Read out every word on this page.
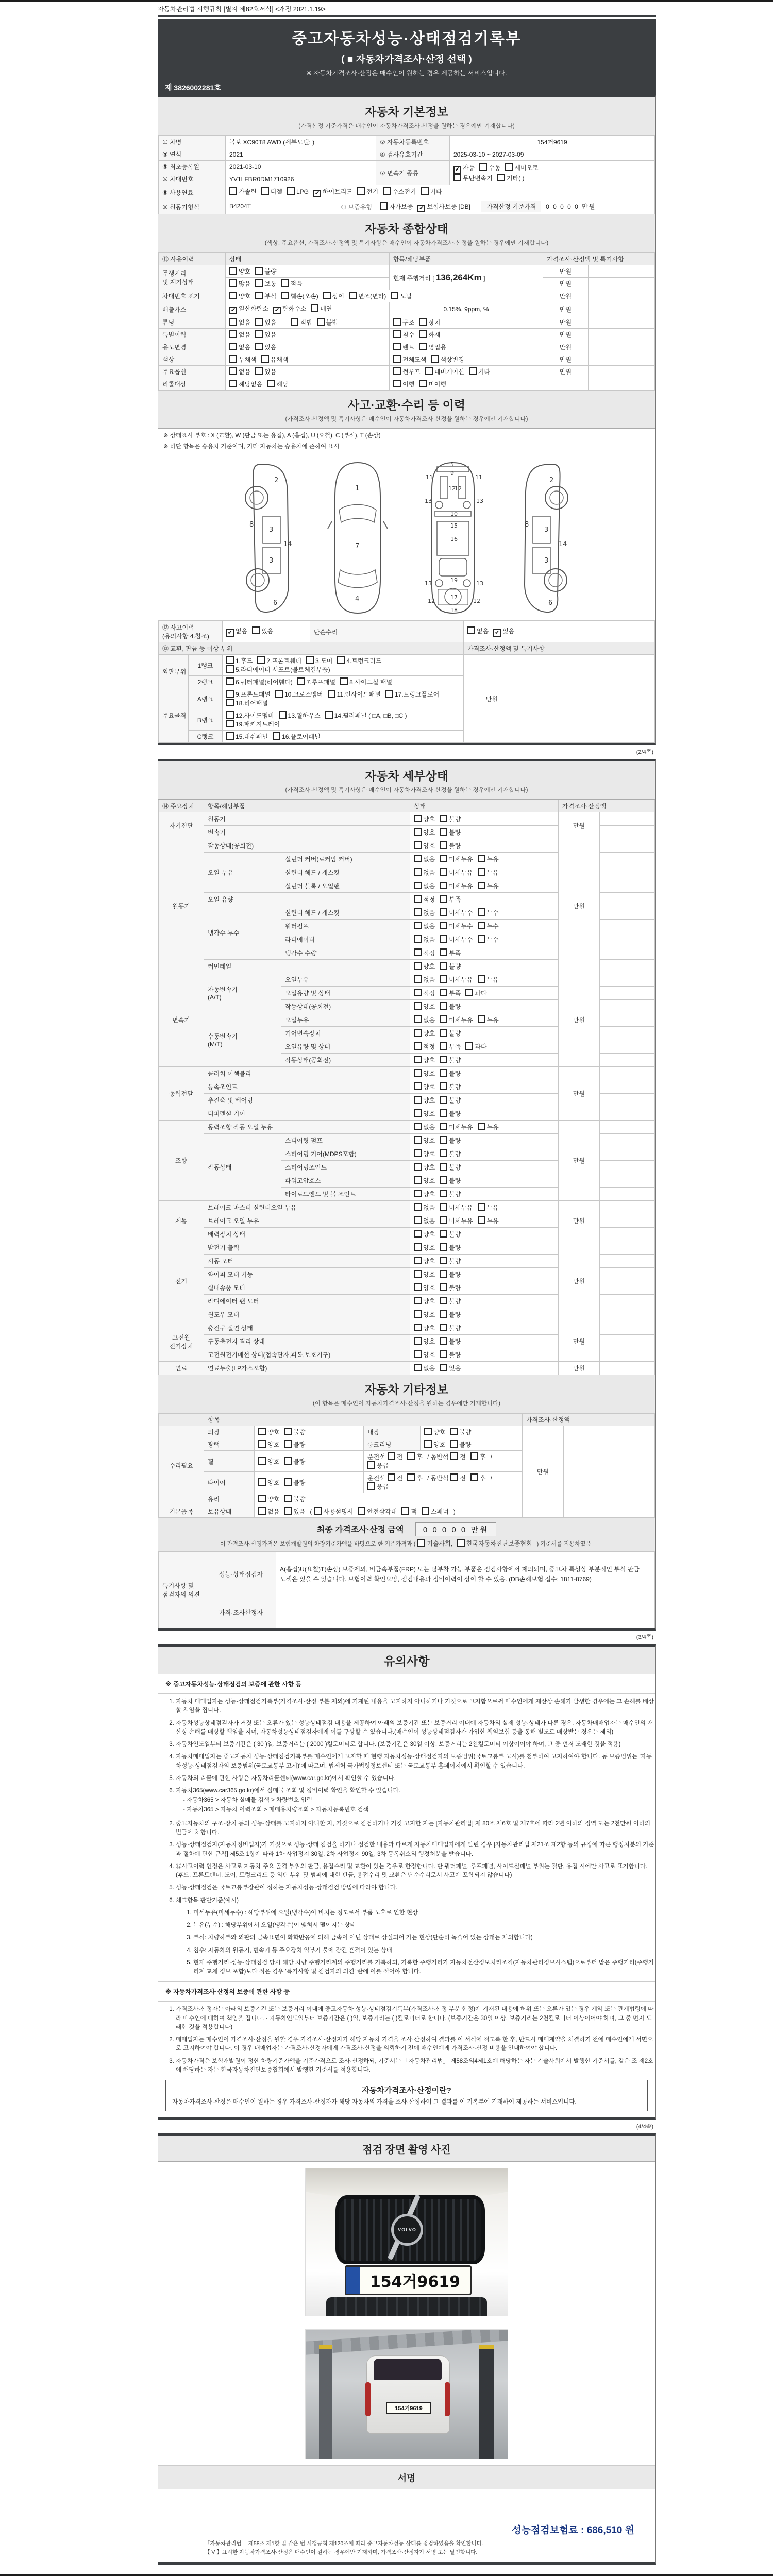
자동차관리법 시행규칙 [별지 제82호서식] <개정 2021.1.19>
중고자동차성능·상태점검기록부
( ■ 자동차가격조사·산정 선택 )
※ 자동차가격조사·산정은 매수인이 원하는 경우 제공하는 서비스입니다.
제 3826002281호
자동차 기본정보
(가격산정 기준가격은 매수인이 자동차가격조사·산정을 원하는 경우에만 기재합니다)
① 차명	볼보 XC90T8 AWD (세부모델: )	② 자동차등록번호	154거9619
③ 연식	2021	④ 검사유효기간	2025-03-10 ~ 2027-03-09
⑤ 최초등록일	2021-03-10	⑦ 변속기 종류	✔ 자동 수동 세미오토
무단변속기 기타( )
⑥ 차대번호	YV1LFBR0DM1710926		
⑧ 사용연료	가솔린 디젤 LPG ✔ 하이브리드 전기 수소전기 기타		
⑨ 원동기형식	B4204T ⑩ 보증유형	자가보증 ✔ 보험사보증 [DB] 가격산정 기준가격  0 0 0 0 0 만원	
자동차 종합상태
(색상, 주요옵션, 가격조사·산정액 및 특기사항은 매수인이 자동차가격조사·산정을 원하는 경우에만 기재합니다)
⑪ 사용이력	상태	항목/해당부품	가격조사·산정액 및 특기사항	
주행거리
및 계기상태	양호 불량	현재 주행거리 [ 136,264Km ]	만원	
	많음 보통 적음		만원	
차대번호 표기	양호 부식 훼손(오손) 상이 변조(변타) 도말		만원	
배출가스	✔ 일산화탄소 ✔ 탄화수소 매연	0.15%, 9ppm, %	만원	
튜닝	없음 있음 적법 불법	구조 장치	만원	
특별이력	없음 있음	침수 화재	만원	
용도변경	없음 있음	렌트 영업용	만원	
색상	무채색 유채색	전체도색 색상변경	만원	
주요옵션	없음 있음	썬루프 네비게이션 기타	만원	
리콜대상	해당없음 해당	이행 미이행		
사고·교환·수리 등 이력
(가격조사·산정액 및 특기사항은 매수인이 자동차가격조사·산정을 원하는 경우에만 기재합니다)
※ 상태표시 부호 : X (교환), W (판금 또는 용접), A (흠집), U (요철), C (부식), T (손상)
※ 하단 항목은 승용차 기준이며, 기타 자동차는 승용차에 준하여 표시
2
8
3
14
3
6
1
7
4
5
9
11	11
13
12
12
13
10
15
16
13	19	13
17
12	12
18
2
8
3
14
3
6
⑫ 사고이력 (유의사항 4.참조)		✔ 없음 있음	단순수리	없음 ✔ 있음	
⑬ 교환, 판금 등 이상 부위				가격조사·산정액 및 특기사항	
외판부위	1랭크	1.후드 2.프론트휀더 3.도어 4.트렁크리드5.라디에이터 서포트(볼트체결부품)		만원	
	2랭크	6.쿼터패널(리어휀다) 7.루프패널 8.사이드실 패널			
주요골격	A랭크	9.프론트패널 10.크로스멤버 11.인사이드패널 17.트렁크플로어18.리어패널			
	B랭크	12.사이드멤버 13.휠하우스 14.필러패널 ( □A, □B, □C )19.패키지트레이			
	C랭크	15.대쉬패널 16.플로어패널			
(2/4쪽)
자동차 세부상태
(가격조사·산정액 및 특기사항은 매수인이 자동차가격조사·산정을 원하는 경우에만 기재합니다)
⑭ 주요장치	항목/해당부품		상태	가격조사·산정액	
자기진단	원동기		양호 불량	만원	
	변속기		양호 불량		
원동기	작동상태(공회전)		양호 불량	만원	
	오일 누유	실린더 커버(로커암 커버)	없음 미세누유 누유		
		실린더 헤드 / 개스킷	없음 미세누유 누유		
		실린더 블록 / 오일팬	없음 미세누유 누유		
	오일 유량		적정 부족		
	냉각수 누수	실린더 헤드 / 개스킷	없음 미세누수 누수		
		워터펌프	없음 미세누수 누수		
		라디에이터	없음 미세누수 누수		
		냉각수 수량	적정 부족		
	커먼레일		양호 불량		
변속기	자동변속기
(A/T)	오일누유	없음 미세누유 누유	만원	
		오일유량 및 상태	적정 부족 과다		
		작동상태(공회전)	양호 불량		
	수동변속기
(M/T)	오일누유	없음 미세누유 누유		
		기어변속장치	양호 불량		
		오일유량 및 상태	적정 부족 과다		
		작동상태(공회전)	양호 불량		
동력전달	클러치 어셈블리		양호 불량	만원	
	등속조인트		양호 불량		
	추진축 및 베어링		양호 불량		
	디퍼렌셜 기어		양호 불량		
조향	동력조향 작동 오일 누유		없음 미세누유 누유	만원	
	작동상태	스티어링 펌프	양호 불량		
		스티어링 기어(MDPS포함)	양호 불량		
		스티어링조인트	양호 불량		
		파워고압호스	양호 불량		
		타이로드엔드 및 볼 조인트	양호 불량		
제동	브레이크 마스터 실린더오일 누유		없음 미세누유 누유	만원	
	브레이크 오일 누유		없음 미세누유 누유		
	배력장치 상태		양호 불량		
전기	발전기 출력		양호 불량	만원	
	시동 모터		양호 불량		
	와이퍼 모터 기능		양호 불량		
	실내송풍 모터		양호 불량		
	라디에이터 팬 모터		양호 불량		
	윈도우 모터		양호 불량		
고전원
전기장치	충전구 절연 상태		양호 불량	만원	
	구동축전지 격리 상태		양호 불량		
	고전원전기배선 상태(접속단자,피복,보호기구)		양호 불량		
연료	연료누출(LP가스포함)		없음 있음	만원	
자동차 기타정보
(이 항목은 매수인이 자동차가격조사·산정을 원하는 경우에만 기재합니다)
	항목				가격조사·산정액	
수리필요	외장	양호 불량	내장	양호 불량	만원	
	광택	양호 불량	룸크리닝	양호 불량		
	휠	양호 불량	운전석 전 후 / 동반석 전 후 /응급			
	타이어	양호 불량	운전석 전 후 / 동반석 전 후 /응급			
	유리	양호 불량				
기본품목	보유상태	없음 있음 ( 사용설명서 안전삼각대 잭 스패너 )				
최종 가격조사·산정 금액 0 0 0 0 0 만원
이 가격조사·산정가격은 보험개발원의 차량기준가액을 바탕으로 한 기준가격과 ( 기술사회, 한국자동차진단보증협회 ) 기준서를 적용하였음
특기사항 및
점검자의 의견	성능·상태점검자	A(흠집)U(요철)T(손상) 보증제외, 비금속부품(FRP) 또는 탈부착 가능 부품은 점검사항에서 제외되며, 중고차 특성상 부분적인 부식 판금 도색은 있을 수 있습니다. 보험이력 확인요망, 점검내용과 정비이력이 상이 할 수 있음. (DB손해보험 접수: 1811-8769)
	가격·조사산정자	
(3/4쪽)
유의사항
※ 중고자동차성능·상태점검의 보증에 관한 사항 등
1. 자동차 매매업자는 성능·상태점검기록부(가격조사·산정 부분 제외)에 기재된 내용을 고지하지 아니하거나 거짓으로 고지함으로써 매수인에게 재산상 손해가 발생한 경우에는 그 손해를 배상할 책임을 집니다.
2. 자동차성능상태점검자가 거짓 또는 오류가 있는 성능상태점검 내용을 제공하여 아래의 보증기간 또는 보증거리 이내에 자동차의 실제 성능·상태가 다른 경우, 자동차매매업자는 매수인의 재산상 손해를 배상할 책임을 지며, 자동차성능상태점검자에게 이를 구상할 수 있습니다.(매수인이 성능상태점검자가 가입한 책임보험 등을 통해 별도로 배상받는 경우는 제외)
3. 자동차인도일부터 보증기간은 ( 30 )일, 보증거리는 ( 2000 )킬로미터로 합니다. (보증기간은 30일 이상, 보증거리는 2천킬로미터 이상이어야 하며, 그 중 먼저 도래한 것을 적용)
4. 자동차매매업자는 중고자동차 성능·상태점검기록부를 매수인에게 고지할 때 현행 자동차성능·상태점검자의 보증범위(국토교통부 고시)를 첨부하여 고지하여야 합니다. 동 보증범위는 '자동차성능·상태점검자의 보증범위(국토교통부 고시)'에 따르며, 법제처 국가법령정보센터 또는 국토교통부 홈페이지에서 확인할 수 있습니다.
5. 자동차의 리콜에 관한 사항은 자동차리콜센터(www.car.go.kr)에서 확인할 수 있습니다.
6. 자동차365(www.car365.go.kr)에서 실매물 조회 및 정비이력 확인을 확인할 수 있습니다.
- 자동차365 > 자동차 실매물 검색 > 차량번호 입력
- 자동차365 > 자동차 이력조회 > 매매용차량조회 > 자동차등록번호 검색
2. 중고자동차의 구조·장치 등의 성능·상태를 고지하지 아니한 자, 거짓으로 점검하거나 거짓 고지한 자는 [자동차관리법] 제 80조 제6호 및 제7호에 따라 2년 이하의 징역 또는 2천만원 이하의 벌금에 처합니다.
3. 성능·상태점검자(자동차정비업자)가 거짓으로 성능·상태 점검을 하거나 점검한 내용과 다르게 자동차매매업자에게 알린 경우 [자동차관리법 제21조 제2항 등의 규정에 따른 행정처분의 기준과 절차에 관한 규칙] 제5조 1항에 따라 1차 사업정지 30일, 2차 사업정지 90일, 3차 등록취소의 행정처분을 받습니다.
4. ⑫사고이력 인정은 사고로 자동차 주요 골격 부위의 판금, 용접수리 및 교환이 있는 경우로 한정합니다. 단 쿼터패널, 루프패널, 사이드실패널 부위는 절단, 용접 시에만 사고로 표기합니다. (후드, 프론트펜더, 도어, 트렁크리드 등 외판 부위 및 범퍼에 대한 판금, 용접수리 및 교환은 단순수리로서 사고에 포함되지 않습니다)
5. 성능·상태점검은 국토교통부장관이 정하는 자동차성능·상태점검 방법에 따라야 합니다.
6. 체크항목 판단기준(예시)
1. 미세누유(미세누수) : 해당부위에 오일(냉각수)이 비치는 정도로서 부품 노후로 인한 현상
2. 누유(누수) : 해당부위에서 오일(냉각수)이 맺혀서 떨어지는 상태
3. 부식: 차량하부와 외판의 금속표면이 화학반응에 의해 금속이 아닌 상태로 상실되어 가는 현상(단순히 녹슬어 있는 상태는 제외합니다)
4. 침수: 자동차의 원동기, 변속기 등 주요장치 일부가 물에 잠긴 흔적이 있는 상태
5. 현재 주행거리·성능·상태점검 당시 해당 차량 주행거리계의 주행거리를 기록하되, 기록한 주행거리가 자동차전산정보처리조직(자동차관리정보시스템)으로부터 받은 주행거리(주행거리계 교체 정보 포함)보다 적은 경우 '특기사항 및 점검자의 의견' 란에 이를 적어야 합니다.
※ 자동차가격조사·산정의 보증에 관한 사항 등
1. 가격조사·산정자는 아래의 보증기간 또는 보증거리 이내에 중고자동차 성능·상태점검기록부(가격조사·산정 부분 한정)에 기재된 내용에 허위 또는 오류가 있는 경우 계약 또는 관계법령에 따라 매수인에 대하여 책임을 집니다. · 자동차인도일부터 보증기간은 ( )일, 보증거리는 ( )킬로미터로 합니다. (보증기간은 30일 이상, 보증거리는 2천킬로미터 이상이어야 하며, 그 중 먼저 도래한 것을 적용합니다)
2. 매매업자는 매수인이 가격조사·산정을 원할 경우 가격조사·산정자가 해당 자동차 가격을 조사·산정하여 결과를 이 서식에 적도록 한 후, 반드시 매매계약을 체결하기 전에 매수인에게 서면으로 고지하여야 합니다. 이 경우 매매업자는 가격조사·산정자에게 가격조사·산정을 의뢰하기 전에 매수인에게 가격조사·산정 비용을 안내하여야 합니다.
3. 자동차가격은 보험개발원이 정한 차량기준가액을 기준가격으로 조사·산정하되, 기준서는 「자동차관리법」 제58조의4제1호에 해당하는 자는 기술사회에서 발행한 기준서를, 같은 조 제2호에 해당하는 자는 한국자동차진단보증협회에서 발행한 기준서를 적용합니다.
자동차가격조사·산정이란?
자동차가격조사·산정은 매수인이 원하는 경우 가격조사·산정자가 해당 자동차의 가격을 조사·산정하여 그 결과를 이 기록부에 기재하여 제공하는 서비스입니다.
(4/4쪽)
점검 장면 촬영 사진
VOLVO
154거9619
154거9619
서명
성능점검보험료 : 686,510 원
「자동차관리법」 제58조 제1항 및 같은 법 시행규칙 제120조에 따라 중고자동차성능·상태를 점검하였음을 확인합니다.
【 V 】표시한 자동차가격조사·산정은 매수인이 원하는 경우에만 기재하며, 가격조사·산정자가 서명 또는 날인합니다.
